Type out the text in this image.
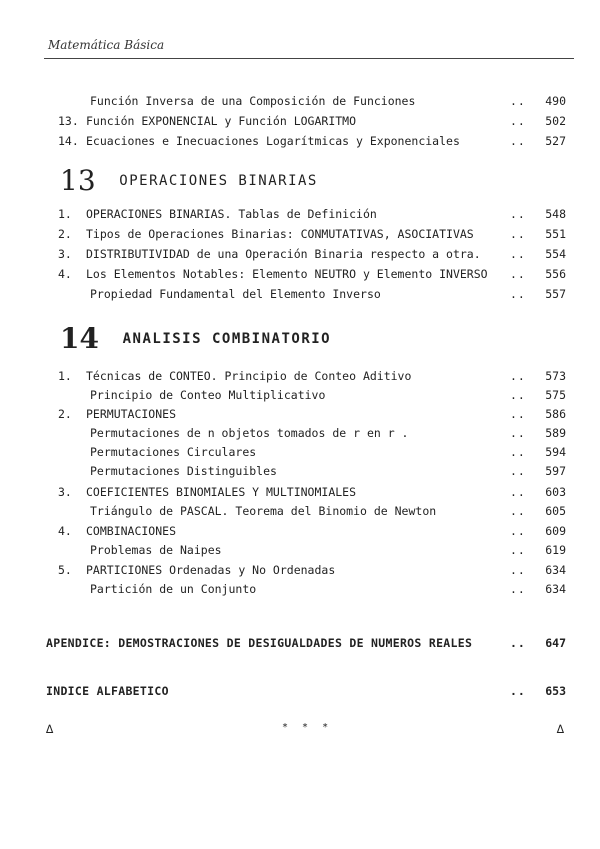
Matemática Básica
Función Inversa de una Composición de Funciones	..	490
13. Función EXPONENCIAL y Función LOGARITMO	..	502
14. Ecuaciones e Inecuaciones Logarítmicas y Exponenciales	..	527
13 OPERACIONES BINARIAS
1.	OPERACIONES BINARIAS. Tablas de Definición	..	548
2.	Tipos de Operaciones Binarias: CONMUTATIVAS, ASOCIATIVAS	..	551
3.	DISTRIBUTIVIDAD de una Operación Binaria respecto a otra.	..	554
4.	Los Elementos Notables: Elemento NEUTRO y Elemento INVERSO ..	556
Propiedad Fundamental del Elemento Inverso	..	557
14 ANALISIS COMBINATORIO
1.	Técnicas de CONTEO. Principio de Conteo Aditivo	..	573
Principio de Conteo Multiplicativo	..	575
2.	PERMUTACIONES	..	586
Permutaciones de n objetos tomados de r en r .	..	589
Permutaciones Circulares	..	594
Permutaciones Distinguibles	..	597
3.	COEFICIENTES BINOMIALES Y MULTINOMIALES	..	603
Triángulo de PASCAL. Teorema del Binomio de Newton	..	605
4.	COMBINACIONES	..	609
Problemas de Naipes	..	619
5.	PARTICIONES Ordenadas y No Ordenadas	..	634
Partición de un Conjunto	..	634
APENDICE: DEMOSTRACIONES DE DESIGUALDADES DE NUMEROS REALES	..	647
INDICE ALFABETICO	..	653
∆	* * *	∆
